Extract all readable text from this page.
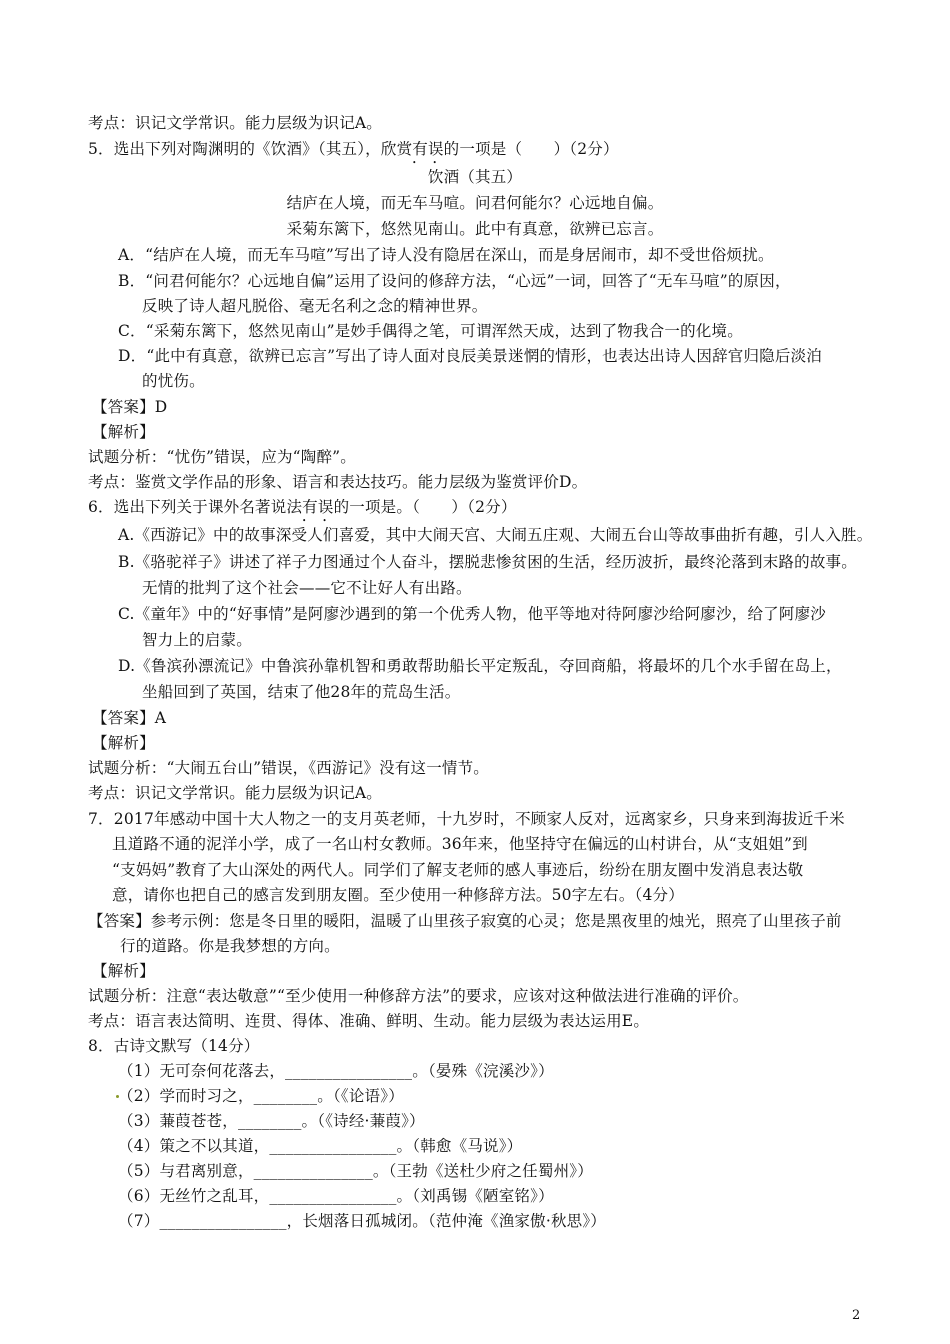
考点：识记文学常识。能力层级为识记A。
5．选出下列对陶渊明的《饮酒》（其五），欣赏有误 • •的一项是（　　）（2分）
饮酒（其五）
结庐在人境，而无车马喧。问君何能尔？心远地自偏。
采菊东篱下，悠然见南山。此中有真意，欲辨已忘言。
A．“结庐在人境，而无车马喧”写出了诗人没有隐居在深山，而是身居闹市，却不受世俗烦扰。
B．“问君何能尔？心远地自偏”运用了设问的修辞方法，“心远”一词，回答了“无车马喧”的原因，
反映了诗人超凡脱俗、毫无名利之念的精神世界。
C．“采菊东篱下，悠然见南山”是妙手偶得之笔，可谓浑然天成，达到了物我合一的化境。
D．“此中有真意，欲辨已忘言”写出了诗人面对良辰美景迷惘的情形，也表达出诗人因辞官归隐后淡泊
的忧伤。
【答案】D
【解析】
试题分析：“忧伤”错误，应为“陶醉”。
考点：鉴赏文学作品的形象、语言和表达技巧。能力层级为鉴赏评价D。
6．选出下列关于课外名著说法有误 • •的一项是。（　　）（2分）
A.《西游记》中的故事深受人们喜爱，其中大闹天宫、大闹五庄观、大闹五台山等故事曲折有趣，引人入胜。
B.《骆驼祥子》讲述了祥子力图通过个人奋斗，摆脱悲惨贫困的生活，经历波折，最终沦落到末路的故事。
无情的批判了这个社会——它不让好人有出路。
C.《童年》中的“好事情”是阿廖沙遇到的第一个优秀人物，他平等地对待阿廖沙给阿廖沙，给了阿廖沙
智力上的启蒙。
D.《鲁滨孙漂流记》中鲁滨孙靠机智和勇敢帮助船长平定叛乱，夺回商船，将最坏的几个水手留在岛上，
坐船回到了英国，结束了他28年的荒岛生活。
【答案】A
【解析】
试题分析：“大闹五台山”错误，《西游记》没有这一情节。
考点：识记文学常识。能力层级为识记A。
7．2017年感动中国十大人物之一的支月英老师，十九岁时，不顾家人反对，远离家乡，只身来到海拔近千米
且道路不通的泥洋小学，成了一名山村女教师。36年来，他坚持守在偏远的山村讲台，从“支姐姐”到
“支妈妈”教育了大山深处的两代人。同学们了解支老师的感人事迹后，纷纷在朋友圈中发消息表达敬
意，请你也把自己的感言发到朋友圈。至少使用一种修辞方法。50字左右。（4分）
【答案】参考示例：您是冬日里的暖阳，温暖了山里孩子寂寞的心灵；您是黑夜里的烛光，照亮了山里孩子前
行的道路。你是我梦想的方向。
【解析】
试题分析：注意“表达敬意”“至少使用一种修辞方法”的要求，应该对这种做法进行准确的评价。
考点：语言表达简明、连贯、得体、准确、鲜明、生动。能力层级为表达运用E。
8．古诗文默写（14分）
（1）无可奈何花落去，________________。（晏殊《浣溪沙》）
（2）学而时习之，________。（《论语》）
（3）蒹葭苍苍，________。（《诗经·蒹葭》）
（4）策之不以其道，________________。（韩愈《马说》）
（5）与君离别意，_______________。（王勃《送杜少府之任蜀州》）
（6）无丝竹之乱耳，________________。（刘禹锡《陋室铭》）
（7）________________，长烟落日孤城闭。（范仲淹《渔家傲·秋思》）
2
